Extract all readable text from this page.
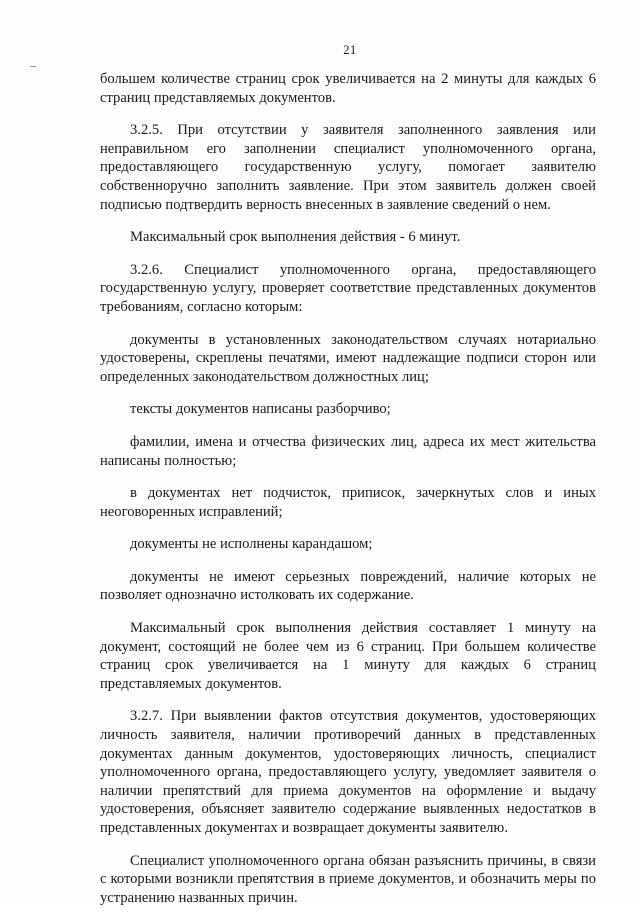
21

большем количестве страниц срок увеличивается на 2 минуты для каждых 6 страниц представляемых документов.

3.2.5. При отсутствии у заявителя заполненного заявления или неправильном его заполнении специалист уполномоченного органа, предоставляющего государственную услугу, помогает заявителю собственноручно заполнить заявление. При этом заявитель должен своей подписью подтвердить верность внесенных в заявление сведений о нем.

Максимальный срок выполнения действия - 6 минут.

3.2.6. Специалист уполномоченного органа, предоставляющего государственную услугу, проверяет соответствие представленных документов требованиям, согласно которым:

документы в установленных законодательством случаях нотариально удостоверены, скреплены печатями, имеют надлежащие подписи сторон или определенных законодательством должностных лиц;

тексты документов написаны разборчиво;

фамилии, имена и отчества физических лиц, адреса их мест жительства написаны полностью;

в документах нет подчисток, приписок, зачеркнутых слов и иных неоговоренных исправлений;

документы не исполнены карандашом;

документы не имеют серьезных повреждений, наличие которых не позволяет однозначно истолковать их содержание.

Максимальный срок выполнения действия составляет 1 минуту на документ, состоящий не более чем из 6 страниц. При большем количестве страниц срок увеличивается на 1 минуту для каждых 6 страниц представляемых документов.

3.2.7. При выявлении фактов отсутствия документов, удостоверяющих личность заявителя, наличии противоречий данных в представленных документах данным документов, удостоверяющих личность, специалист уполномоченного органа, предоставляющего услугу, уведомляет заявителя о наличии препятствий для приема документов на оформление и выдачу удостоверения, объясняет заявителю содержание выявленных недостатков в представленных документах и возвращает документы заявителю.

Специалист уполномоченного органа обязан разъяснить причины, в связи с которыми возникли препятствия в приеме документов, и обозначить меры по устранению названных причин.
